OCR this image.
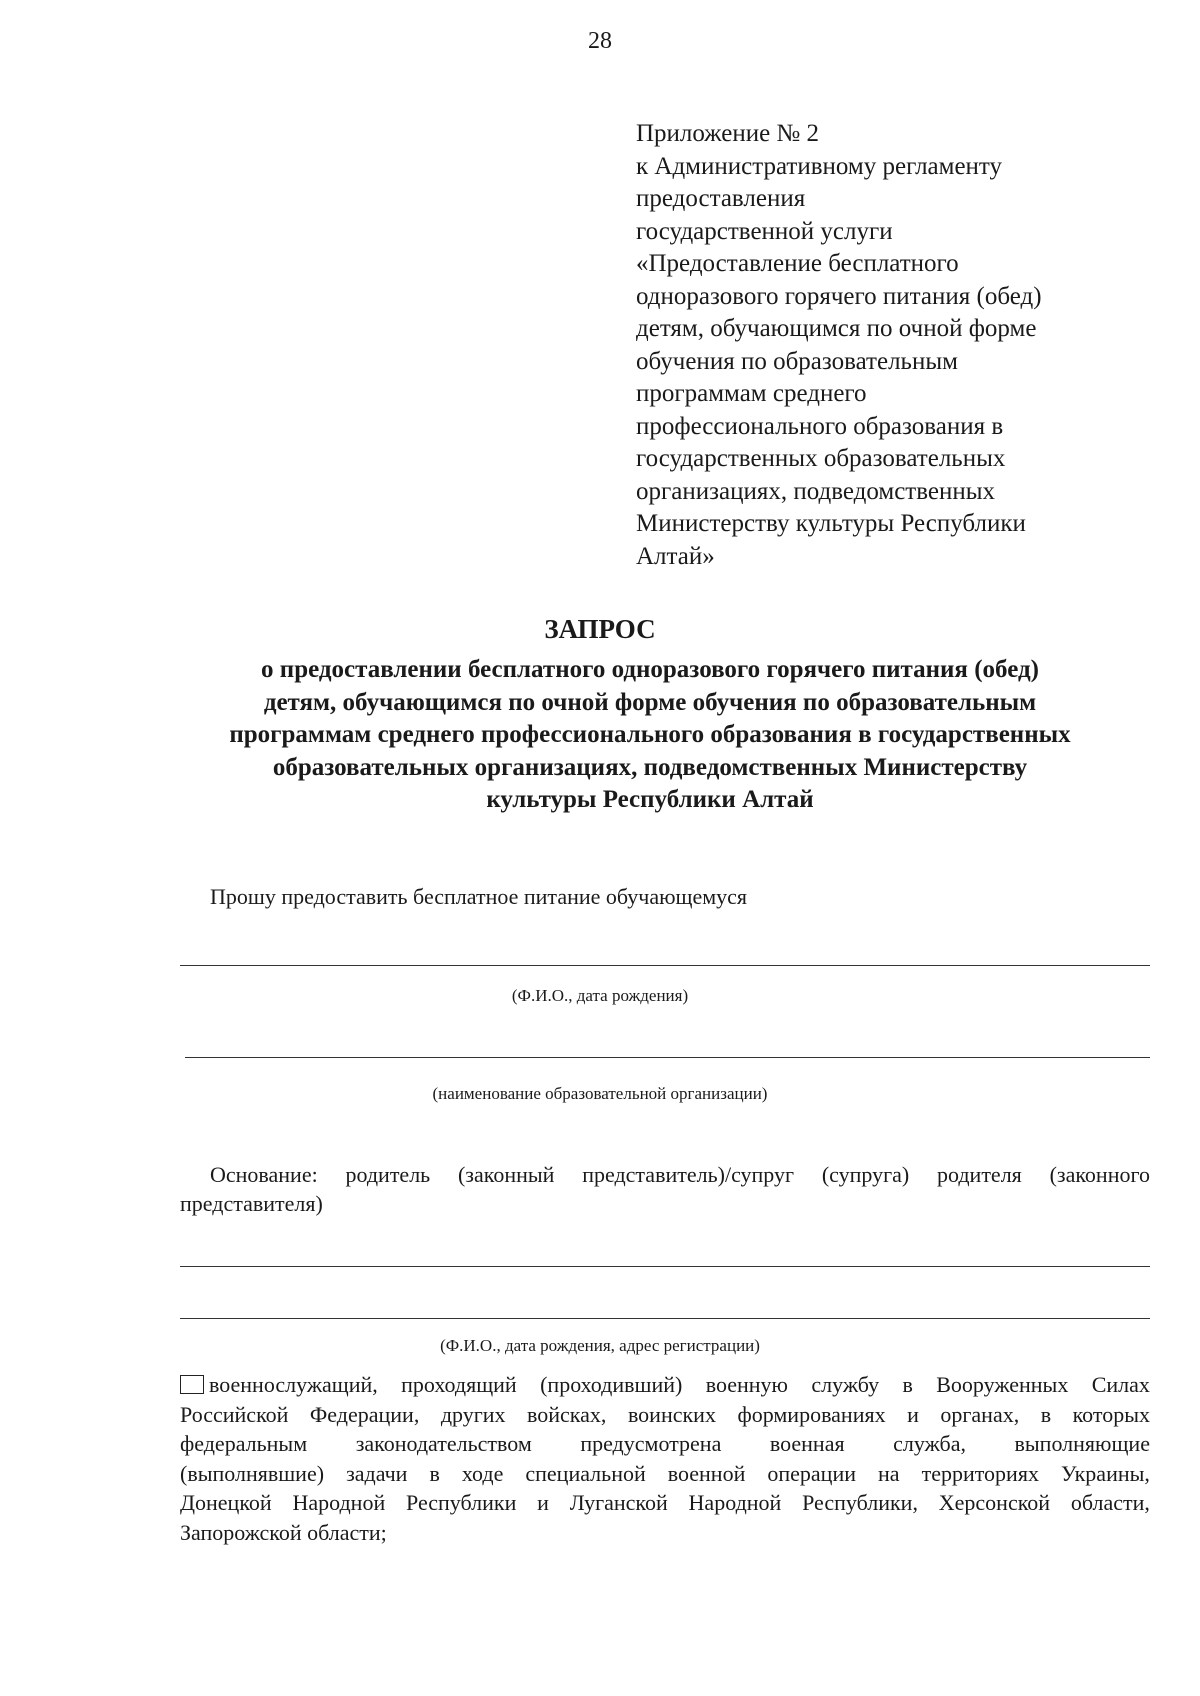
28
Приложение № 2
к Административному регламенту
предоставления
государственной услуги
«Предоставление бесплатного
одноразового горячего питания (обед)
детям, обучающимся по очной форме
обучения по образовательным
программам среднего
профессионального образования в
государственных образовательных
организациях, подведомственных
Министерству культуры Республики
Алтай»
ЗАПРОС
о предоставлении бесплатного одноразового горячего питания (обед)
детям, обучающимся по очной форме обучения по образовательным
программам среднего профессионального образования в государственных
образовательных организациях, подведомственных Министерству
культуры Республики Алтай
Прошу предоставить бесплатное питание обучающемуся
(Ф.И.О., дата рождения)
(наименование образовательной организации)
Основание: родитель (законный представитель)/супруг (супруга) родителя (законного
представителя)
(Ф.И.О., дата рождения, адрес регистрации)
военнослужащий, проходящий (проходивший) военную службу в Вооруженных Силах
Российской Федерации, других войсках, воинских формированиях и органах, в которых
федеральным законодательством предусмотрена военная служба, выполняющие
(выполнявшие) задачи в ходе специальной военной операции на территориях Украины,
Донецкой Народной Республики и Луганской Народной Республики, Херсонской области,
Запорожской области;
